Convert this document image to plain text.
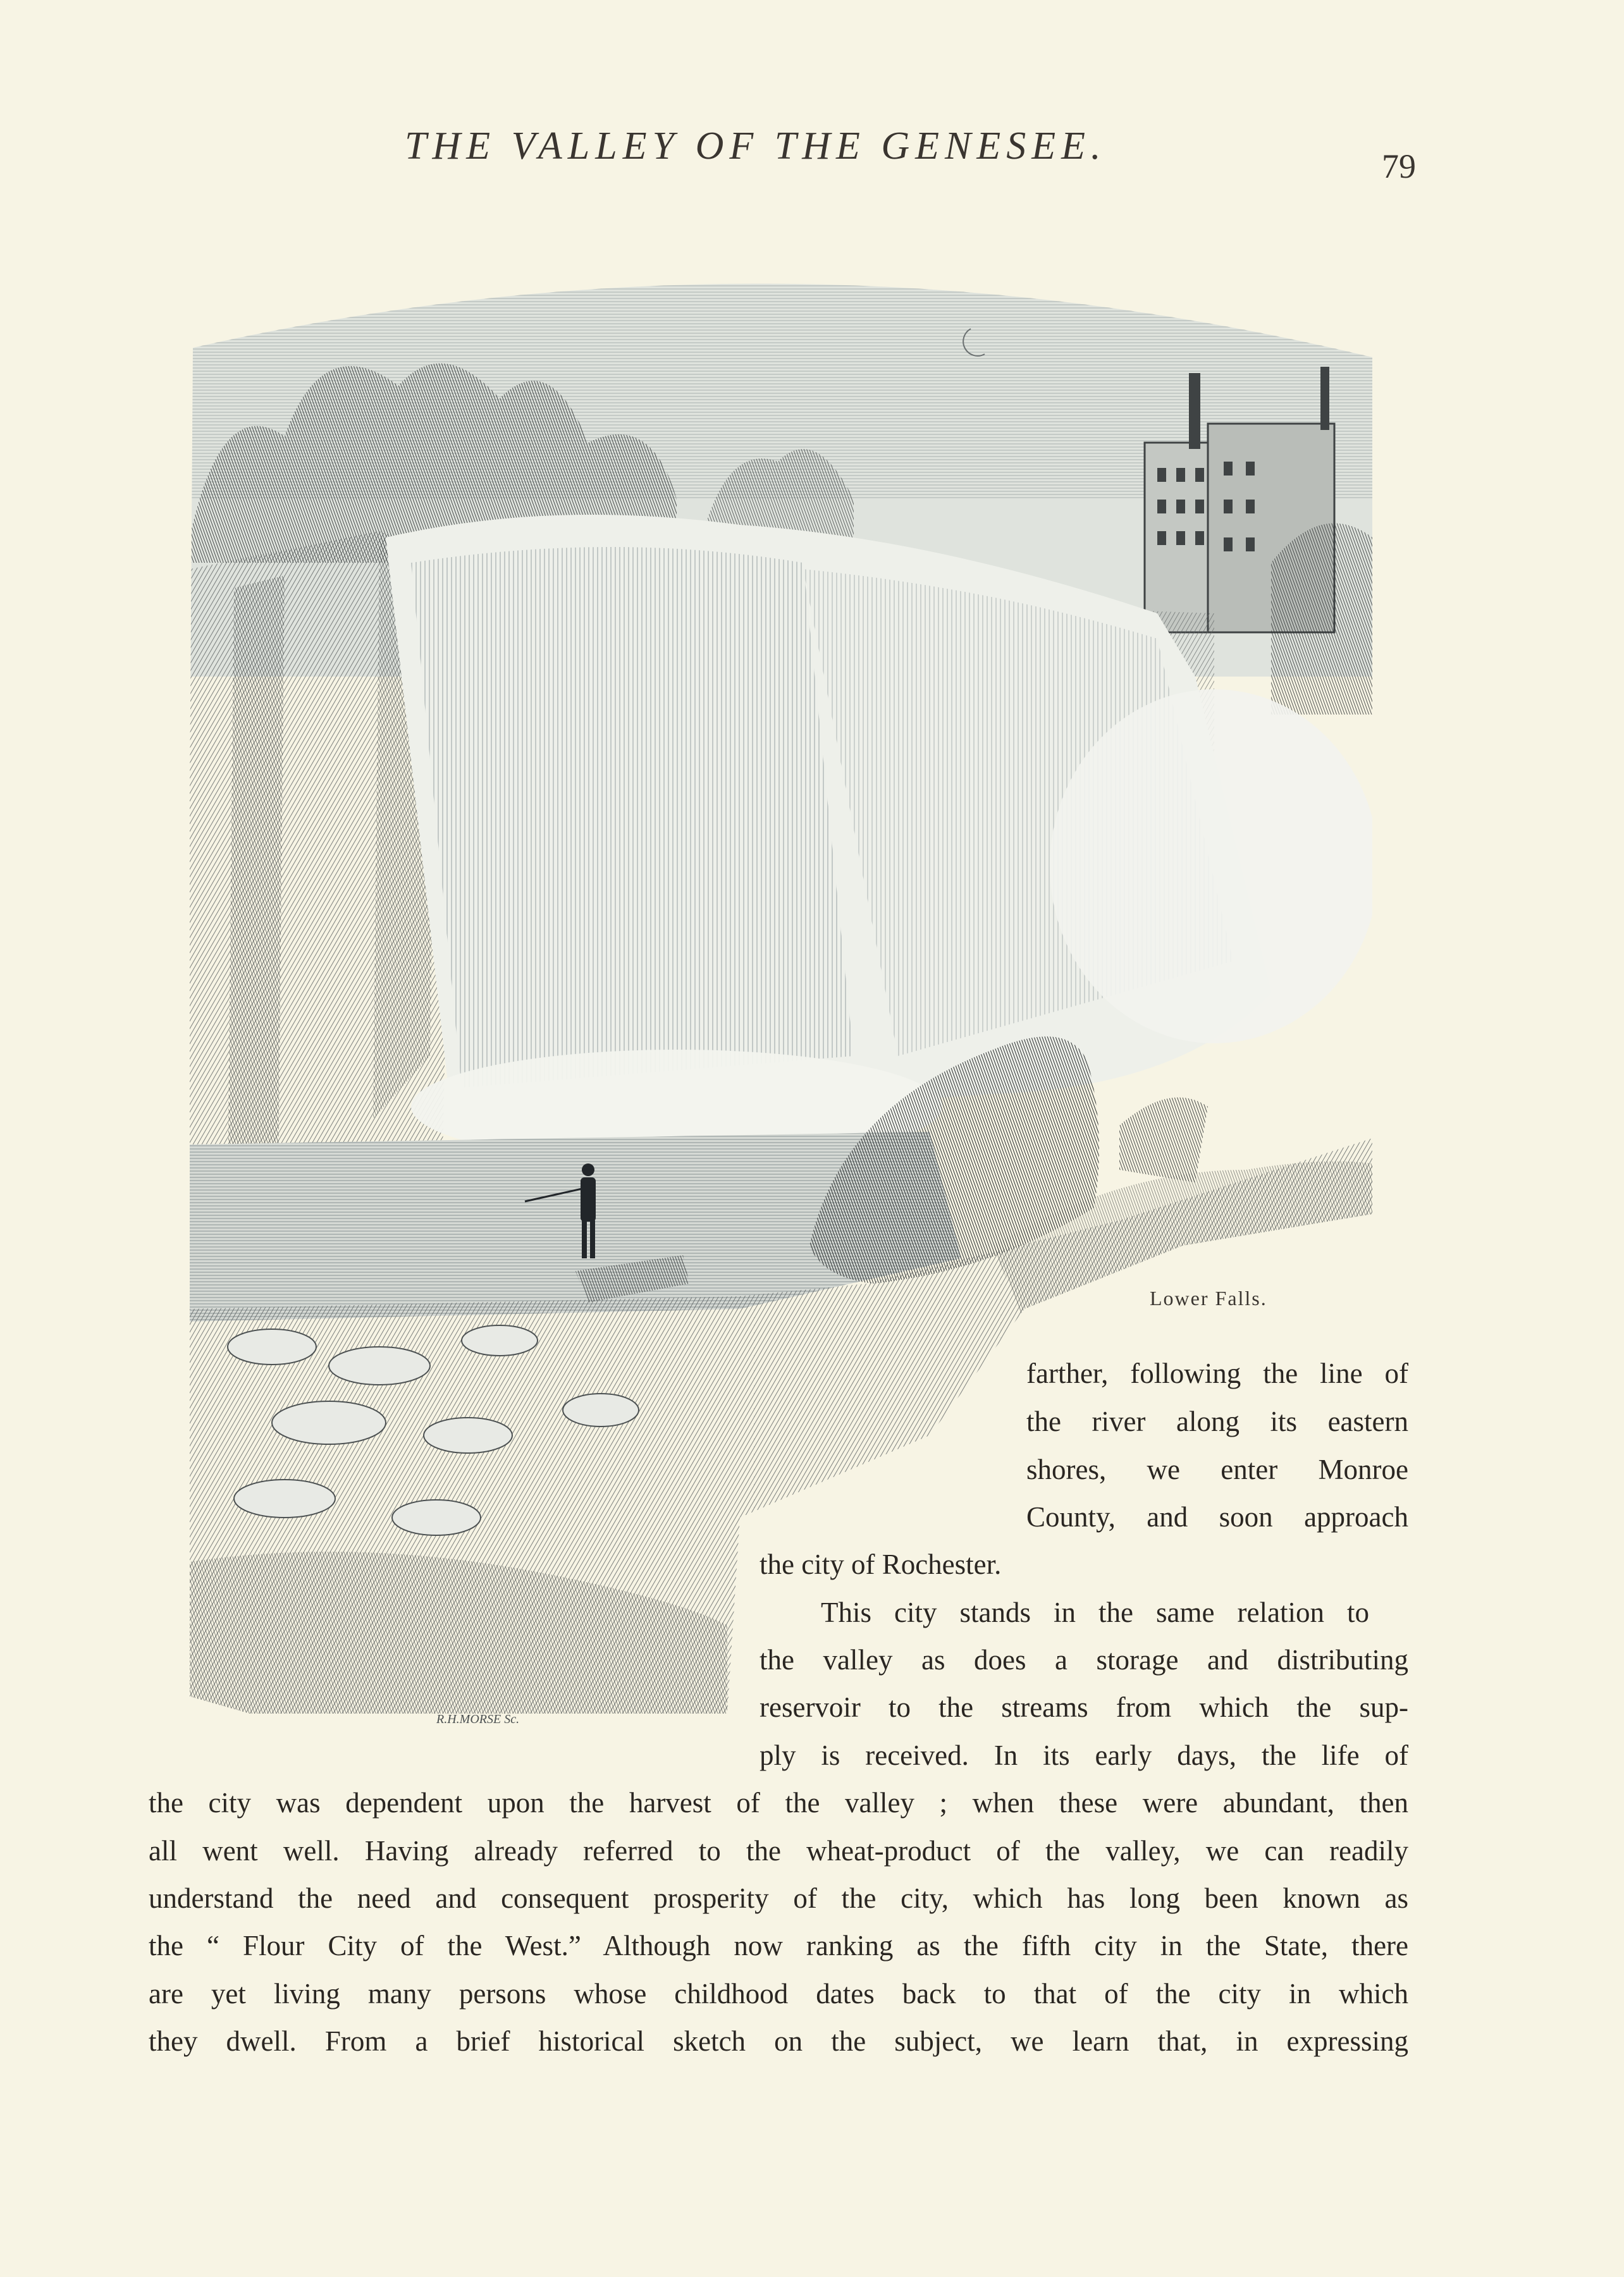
THE VALLEY OF THE GENESEE.	79
R.H.MORSE Sc.
Lower Falls.
farther, following the line of
the river along its eastern
shores, we enter Monroe
County, and soon approach
the city of Rochester.
This city stands in the same relation to
the valley as does a storage and distributing
reservoir to the streams from which the sup-
ply is received. In its early days, the life of
the city was dependent upon the harvest of the valley ; when these were abundant, then
all went well. Having already referred to the wheat-product of the valley, we can readily
understand the need and consequent prosperity of the city, which has long been known as
the “ Flour City of the West.” Although now ranking as the fifth city in the State, there
are yet living many persons whose childhood dates back to that of the city in which
they dwell. From a brief historical sketch on the subject, we learn that, in expressing
